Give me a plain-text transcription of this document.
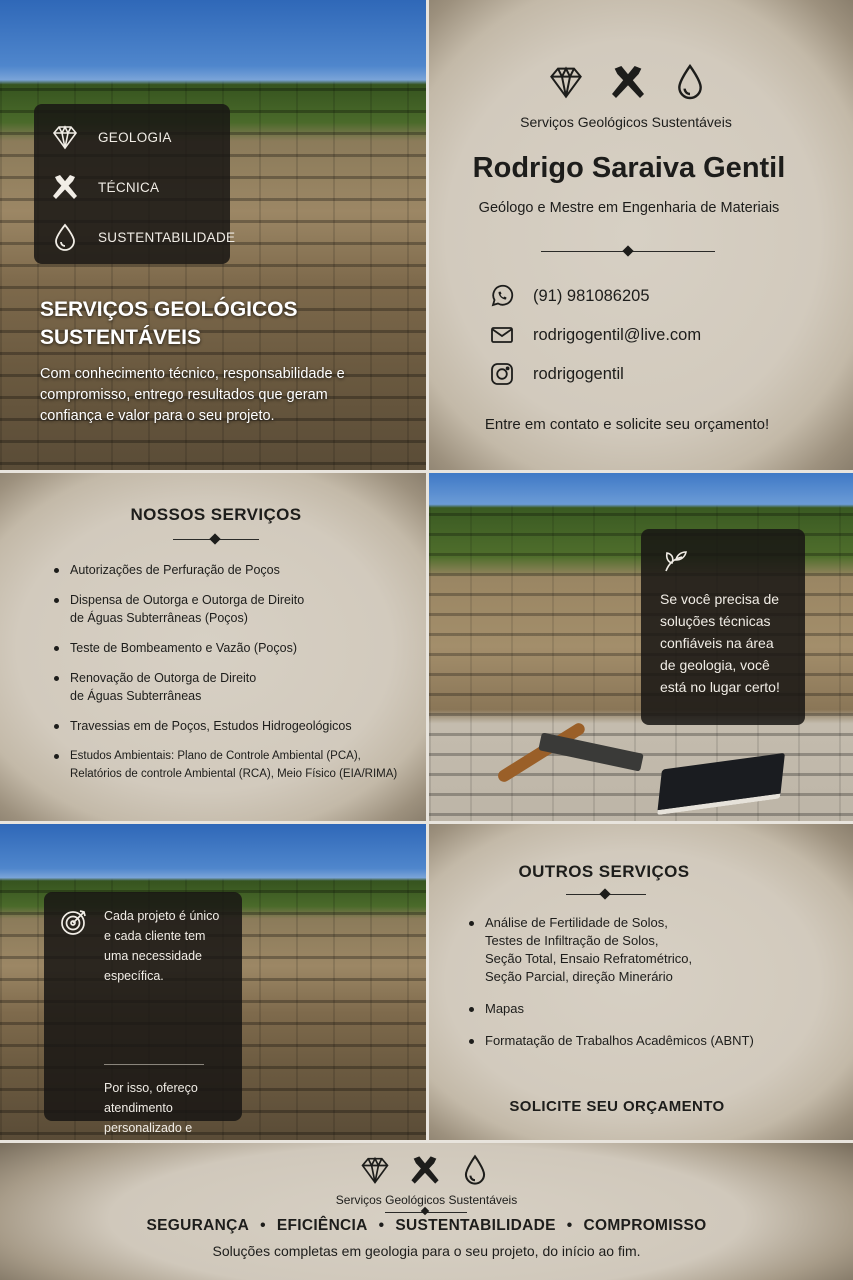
GEOLOGIA
TÉCNICA
SUSTENTABILIDADE
SERVIÇOS GEOLÓGICOS SUSTENTÁVEIS
Com conhecimento técnico, responsabilidade e compromisso, entrego resultados que geram confiança e valor para o seu projeto.
Serviços Geológicos Sustentáveis
Rodrigo Saraiva Gentil
Geólogo e Mestre em Engenharia de Materiais
(91) 981086205
rodrigogentil@live.com
rodrigogentil
Entre em contato e solicite seu orçamento!
NOSSOS SERVIÇOS
Autorizações de Perfuração de Poços
Dispensa de Outorga e Outorga de Direito
de Águas Subterrâneas (Poços)
Teste de Bombeamento e Vazão (Poços)
Renovação de Outorga de Direito
de Águas Subterrâneas
Travessias em de Poços, Estudos Hidrogeológicos
Estudos Ambientais: Plano de Controle Ambiental (PCA),
Relatórios de controle Ambiental (RCA), Meio Físico (EIA/RIMA)
Se você precisa de soluções técnicas confiáveis na área de geologia, você está no lugar certo!
Cada projeto é único e cada cliente tem uma necessidade específica.
Por isso, ofereço atendimento personalizado e
OUTROS SERVIÇOS
Análise de Fertilidade de Solos,
Testes de Infiltração de Solos,
Seção Total, Ensaio Refratométrico,
Seção Parcial, direção Minerário
Mapas
Formatação de Trabalhos Acadêmicos (ABNT)
SOLICITE SEU ORÇAMENTO
Serviços Geológicos Sustentáveis
SEGURANÇA • EFICIÊNCIA • SUSTENTABILIDADE • COMPROMISSO
Soluções completas em geologia para o seu projeto, do início ao fim.
